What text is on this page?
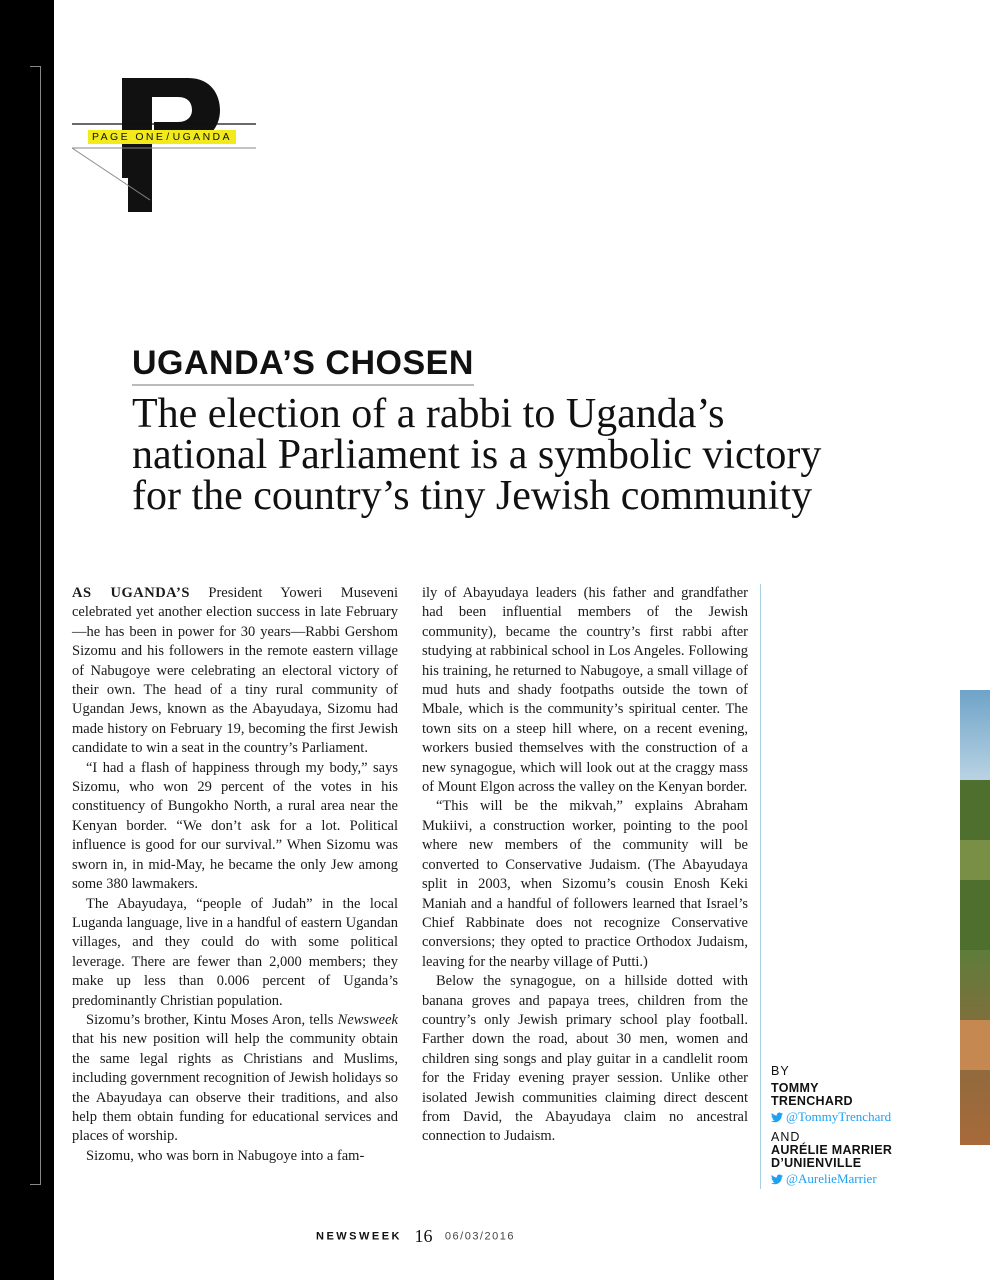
PAGE ONE/UGANDA
UGANDA’S CHOSEN
The election of a rabbi to Uganda’s
national Parliament is a symbolic victory
for the country’s tiny Jewish community

AS UGANDA’S President Yoweri Museveni celebrated yet another election success in late February—he has been in power for 30 years—Rabbi Gershom Sizomu and his followers in the remote eastern village of Nabugoye were celebrating an electoral victory of their own. The head of a tiny rural community of Ugandan Jews, known as the Abayudaya, Sizomu had made history on February 19, becoming the first Jewish candidate to win a seat in the country’s Parliament.

“I had a flash of happiness through my body,” says Sizomu, who won 29 percent of the votes in his constituency of Bungokho North, a rural area near the Kenyan border. “We don’t ask for a lot. Political influence is good for our survival.” When Sizomu was sworn in, in mid-May, he became the only Jew among some 380 lawmakers.

The Abayudaya, “people of Judah” in the local Luganda language, live in a handful of eastern Ugandan villages, and they could do with some political leverage. There are fewer than 2,000 members; they make up less than 0.006 percent of Uganda’s predominantly Christian population.

Sizomu’s brother, Kintu Moses Aron, tells Newsweek that his new position will help the community obtain the same legal rights as Christians and Muslims, including government recognition of Jewish holidays so the Abayudaya can observe their traditions, and also help them obtain funding for educational services and places of worship.

Sizomu, who was born in Nabugoye into a fam-

ily of Abayudaya leaders (his father and grandfather had been influential members of the Jewish community), became the country’s first rabbi after studying at rabbinical school in Los Angeles. Following his training, he returned to Nabugoye, a small village of mud huts and shady footpaths outside the town of Mbale, which is the community’s spiritual center. The town sits on a steep hill where, on a recent evening, workers busied themselves with the construction of a new synagogue, which will look out at the craggy mass of Mount Elgon across the valley on the Kenyan border.

“This will be the mikvah,” explains Abraham Mukiivi, a construction worker, pointing to the pool where new members of the community will be converted to Conservative Judaism. (The Abayudaya split in 2003, when Sizomu’s cousin Enosh Keki Maniah and a handful of followers learned that Israel’s Chief Rabbinate does not recognize Conservative conversions; they opted to practice Orthodox Judaism, leaving for the nearby village of Putti.)

Below the synagogue, on a hillside dotted with banana groves and papaya trees, children from the country’s only Jewish primary school play football. Farther down the road, about 30 men, women and children sing songs and play guitar in a candlelit room for the Friday evening prayer session. Unlike other isolated Jewish communities claiming direct descent from David, the Abayudaya claim no ancestral connection to Judaism.

BY
TOMMY
TRENCHARD
@TommyTrenchard
AND
AURÉLIE MARRIER
D’UNIENVILLE
@AurelieMarrier
NEWSWEEK 16 06/03/2016
